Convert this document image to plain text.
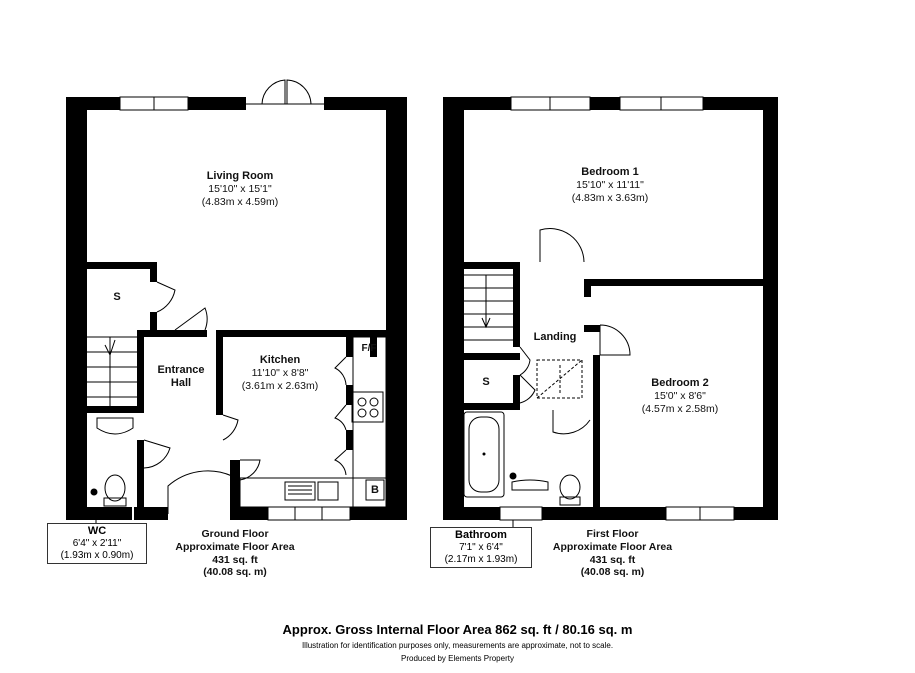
Living Room
15'10" x 15'1"
(4.83m x 4.59m)
S
Entrance
Hall
Kitchen
11'10" x 8'8"
(3.61m x 2.63m)
F/F
B
WC
6'4" x 2'11"
(1.93m x 0.90m)
Ground Floor
Approximate Floor Area
431 sq. ft
(40.08 sq. m)
Bedroom 1
15'10" x 11'11"
(4.83m x 3.63m)
Landing
S	Bedroom 2
15'0" x 8'6"
(4.57m x 2.58m)
Bathroom
7'1" x 6'4"
(2.17m x 1.93m)
First Floor
Approximate Floor Area
431 sq. ft
(40.08 sq. m)
Approx. Gross Internal Floor Area 862 sq. ft / 80.16 sq. m
Illustration for identification purposes only, measurements are approximate, not to scale.
Produced by Elements Property
